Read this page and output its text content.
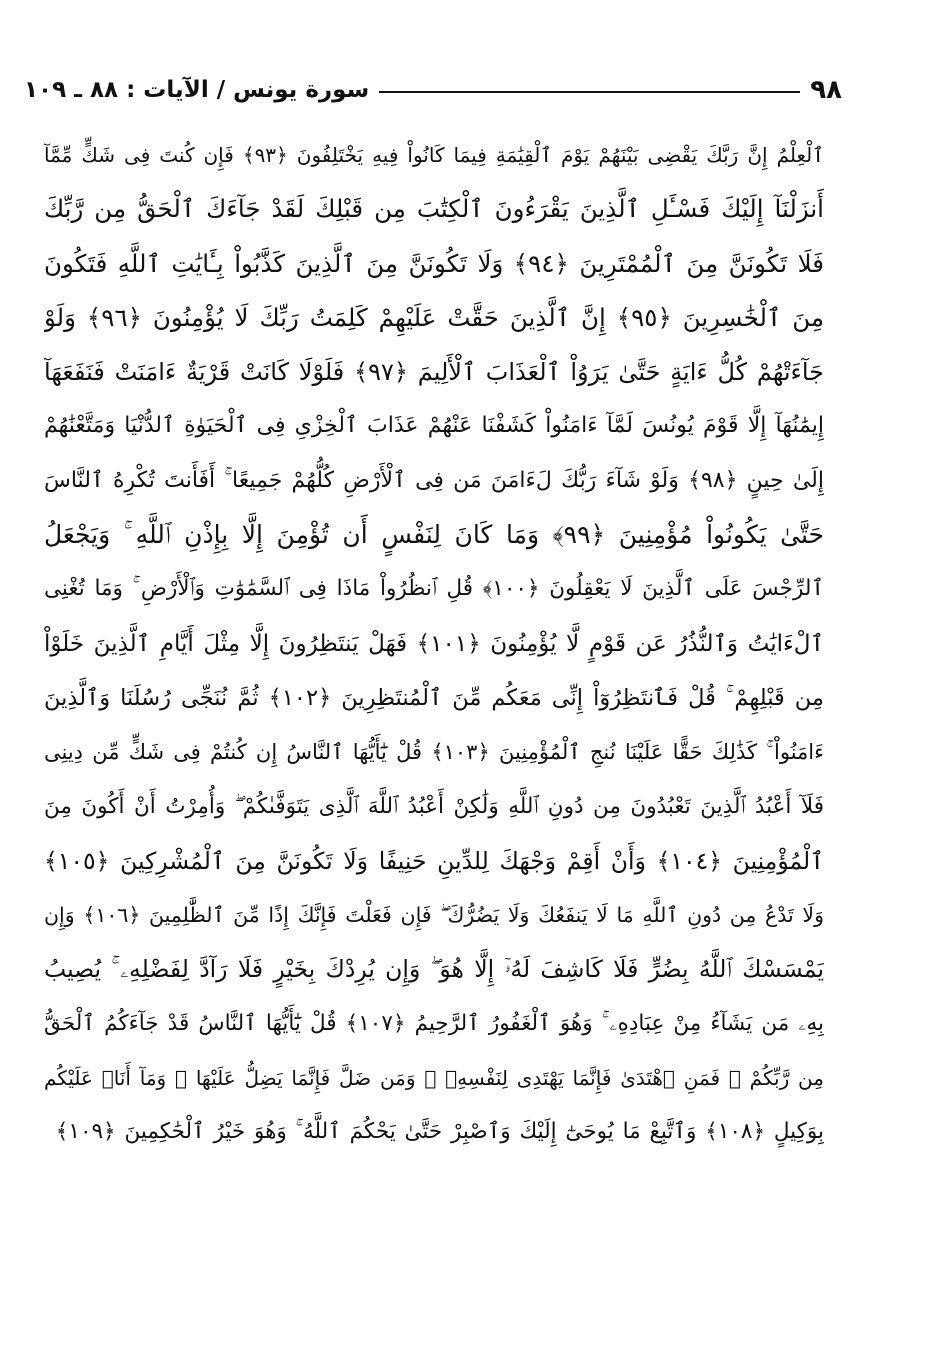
٩٨
سورة يونس / الآيات : ٨٨ ـ ١٠٩
ٱلْعِلْمُ إِنَّ رَبَّكَ يَقْضِى بَيْنَهُمْ يَوْمَ ٱلْقِيَٰمَةِ فِيمَا كَانُواْ فِيهِ يَخْتَلِفُونَ ﴿٩٣﴾ فَإِن كُنتَ فِى شَكٍّ مِّمَّآ
أَنزَلْنَآ إِلَيْكَ فَسْـَٔلِ ٱلَّذِينَ يَقْرَءُونَ ٱلْكِتَٰبَ مِن قَبْلِكَ لَقَدْ جَآءَكَ ٱلْحَقُّ مِن رَّبِّكَ
فَلَا تَكُونَنَّ مِنَ ٱلْمُمْتَرِينَ ﴿٩٤﴾ وَلَا تَكُونَنَّ مِنَ ٱلَّذِينَ كَذَّبُواْ بِـَٔايَٰتِ ٱللَّهِ فَتَكُونَ
مِنَ ٱلْخَٰسِرِينَ ﴿٩٥﴾ إِنَّ ٱلَّذِينَ حَقَّتْ عَلَيْهِمْ كَلِمَتُ رَبِّكَ لَا يُؤْمِنُونَ ﴿٩٦﴾ وَلَوْ
جَآءَتْهُمْ كُلُّ ءَايَةٍ حَتَّىٰ يَرَوُاْ ٱلْعَذَابَ ٱلْأَلِيمَ ﴿٩٧﴾ فَلَوْلَا كَانَتْ قَرْيَةٌ ءَامَنَتْ فَنَفَعَهَآ
إِيمَٰنُهَآ إِلَّا قَوْمَ يُونُسَ لَمَّآ ءَامَنُواْ كَشَفْنَا عَنْهُمْ عَذَابَ ٱلْخِزْىِ فِى ٱلْحَيَوٰةِ ٱلدُّنْيَا وَمَتَّعْنَٰهُمْ
إِلَىٰ حِينٍ ﴿٩٨﴾ وَلَوْ شَآءَ رَبُّكَ لَءَامَنَ مَن فِى ٱلْأَرْضِ كُلُّهُمْ جَمِيعًا ۚ أَفَأَنتَ تُكْرِهُ ٱلنَّاسَ
حَتَّىٰ يَكُونُواْ مُؤْمِنِينَ ﴿٩٩﴾ وَمَا كَانَ لِنَفْسٍ أَن تُؤْمِنَ إِلَّا بِإِذْنِ ٱللَّهِ ۚ وَيَجْعَلُ
ٱلرِّجْسَ عَلَى ٱلَّذِينَ لَا يَعْقِلُونَ ﴿١٠٠﴾ قُلِ ٱنظُرُواْ مَاذَا فِى ٱلسَّمَٰوَٰتِ وَٱلْأَرْضِ ۚ وَمَا تُغْنِى
ٱلْءَايَٰتُ وَٱلنُّذُرُ عَن قَوْمٍ لَّا يُؤْمِنُونَ ﴿١٠١﴾ فَهَلْ يَنتَظِرُونَ إِلَّا مِثْلَ أَيَّامِ ٱلَّذِينَ خَلَوْاْ
مِن قَبْلِهِمْ ۚ قُلْ فَٱنتَظِرُوٓاْ إِنِّى مَعَكُم مِّنَ ٱلْمُنتَظِرِينَ ﴿١٠٢﴾ ثُمَّ نُنَجِّى رُسُلَنَا وَٱلَّذِينَ
ءَامَنُواْ ۚ كَذَٰلِكَ حَقًّا عَلَيْنَا نُنجِ ٱلْمُؤْمِنِينَ ﴿١٠٣﴾ قُلْ يَٰٓأَيُّهَا ٱلنَّاسُ إِن كُنتُمْ فِى شَكٍّ مِّن دِينِى
فَلَآ أَعْبُدُ ٱلَّذِينَ تَعْبُدُونَ مِن دُونِ ٱللَّهِ وَلَٰكِنْ أَعْبُدُ ٱللَّهَ ٱلَّذِى يَتَوَفَّىٰكُمْ ۖ وَأُمِرْتُ أَنْ أَكُونَ مِنَ
ٱلْمُؤْمِنِينَ ﴿١٠٤﴾ وَأَنْ أَقِمْ وَجْهَكَ لِلدِّينِ حَنِيفًا وَلَا تَكُونَنَّ مِنَ ٱلْمُشْرِكِينَ ﴿١٠٥﴾
وَلَا تَدْعُ مِن دُونِ ٱللَّهِ مَا لَا يَنفَعُكَ وَلَا يَضُرُّكَ ۖ فَإِن فَعَلْتَ فَإِنَّكَ إِذًا مِّنَ ٱلظَّٰلِمِينَ ﴿١٠٦﴾ وَإِن
يَمْسَسْكَ ٱللَّهُ بِضُرٍّ فَلَا كَاشِفَ لَهُۥٓ إِلَّا هُوَ ۖ وَإِن يُرِدْكَ بِخَيْرٍ فَلَا رَآدَّ لِفَضْلِهِۦ ۚ يُصِيبُ
بِهِۦ مَن يَشَآءُ مِنْ عِبَادِهِۦ ۚ وَهُوَ ٱلْغَفُورُ ٱلرَّحِيمُ ﴿١٠٧﴾ قُلْ يَٰٓأَيُّهَا ٱلنَّاسُ قَدْ جَآءَكُمُ ٱلْحَقُّ
مِن رَّبِّكُمْ ۖ فَمَنِ ٱهْتَدَىٰ فَإِنَّمَا يَهْتَدِى لِنَفْسِهِۦ ۖ وَمَن ضَلَّ فَإِنَّمَا يَضِلُّ عَلَيْهَا ۖ وَمَآ أَنَا۠ عَلَيْكُم
بِوَكِيلٍ ﴿١٠٨﴾ وَٱتَّبِعْ مَا يُوحَىٰٓ إِلَيْكَ وَٱصْبِرْ حَتَّىٰ يَحْكُمَ ٱللَّهُ ۚ وَهُوَ خَيْرُ ٱلْحَٰكِمِينَ ﴿١٠٩﴾
